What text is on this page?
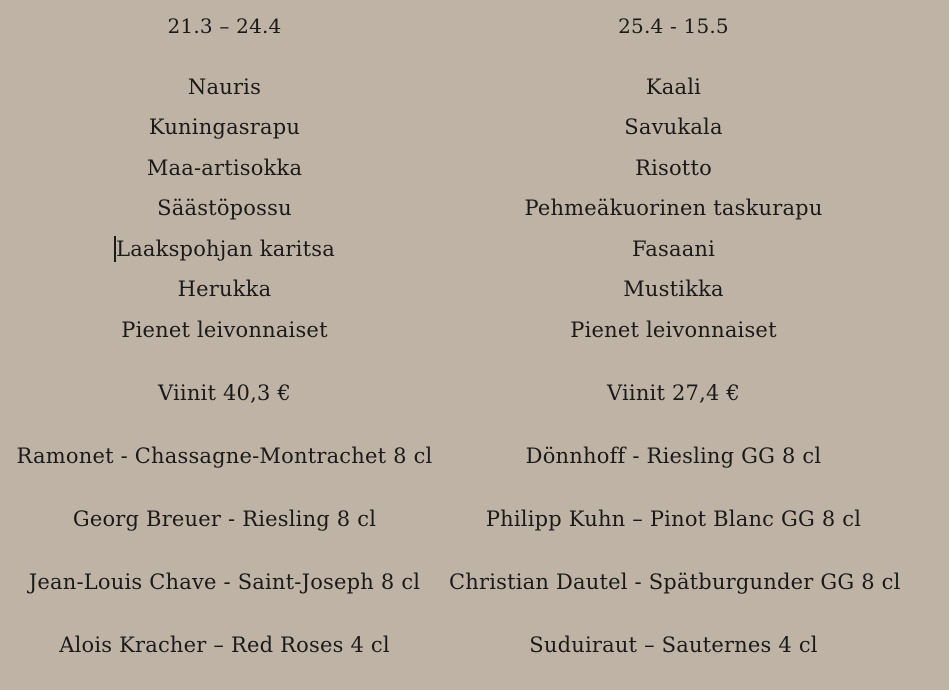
21.3 – 24.4
Nauris
Kuningasrapu
Maa-artisokka
Säästöpossu
Laakspohjan karitsa
Herukka
Pienet leivonnaiset
Viinit 40,3 €
Ramonet - Chassagne-Montrachet 8 cl
Georg Breuer - Riesling 8 cl
Jean-Louis Chave - Saint-Joseph 8 cl
Alois Kracher – Red Roses 4 cl
25.4 - 15.5
Kaali
Savukala
Risotto
Pehmeäkuorinen taskurapu
Fasaani
Mustikka
Pienet leivonnaiset
Viinit 27,4 €
Dönnhoff - Riesling GG 8 cl
Philipp Kuhn – Pinot Blanc GG 8 cl
Christian Dautel - Spätburgunder GG 8 cl
Suduiraut – Sauternes 4 cl
